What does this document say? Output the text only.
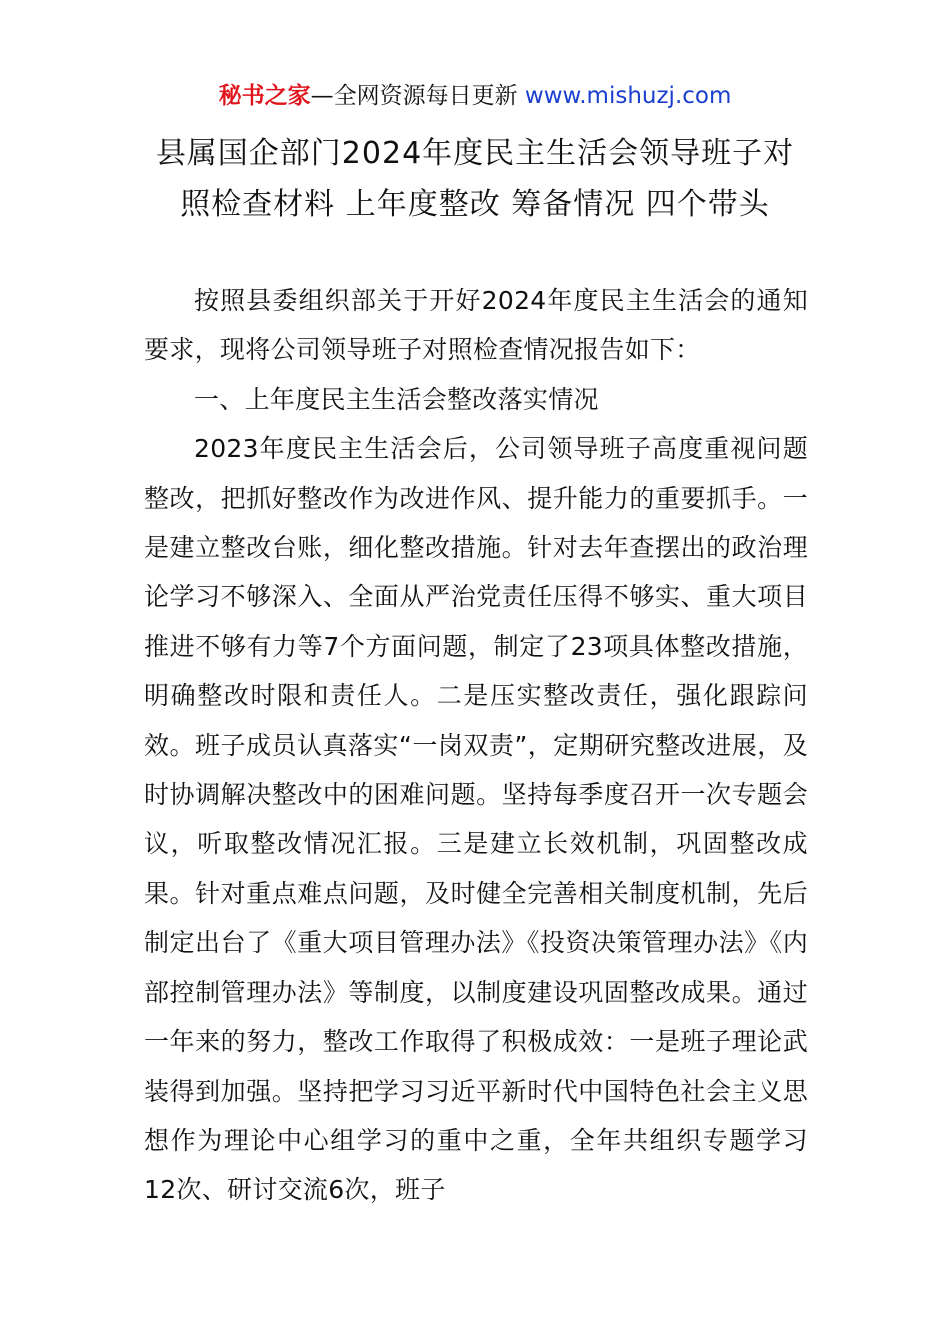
秘书之家—全网资源每日更新 www.mishuzj.com
县属国企部门2024年度民主生活会领导班子对
照检查材料 上年度整改 筹备情况 四个带头

按照县委组织部关于开好2024年度民主生活会的通知要求，现将公司领导班子对照检查情况报告如下：

一、上年度民主生活会整改落实情况

2023年度民主生活会后，公司领导班子高度重视问题整改，把抓好整改作为改进作风、提升能力的重要抓手。一是建立整改台账，细化整改措施。针对去年查摆出的政治理论学习不够深入、全面从严治党责任压得不够实、重大项目推进不够有力等7个方面问题，制定了23项具体整改措施，明确整改时限和责任人。二是压实整改责任，强化跟踪问效。班子成员认真落实“一岗双责”，定期研究整改进展，及时协调解决整改中的困难问题。坚持每季度召开一次专题会议，听取整改情况汇报。三是建立长效机制，巩固整改成果。针对重点难点问题，及时健全完善相关制度机制，先后制定出台了《重大项目管理办法》《投资决策管理办法》《内部控制管理办法》等制度，以制度建设巩固整改成果。通过一年来的努力，整改工作取得了积极成效：一是班子理论武装得到加强。坚持把学习习近平新时代中国特色社会主义思想作为理论中心组学习的重中之重，全年共组织专题学习12次、研讨交流6次，班子
